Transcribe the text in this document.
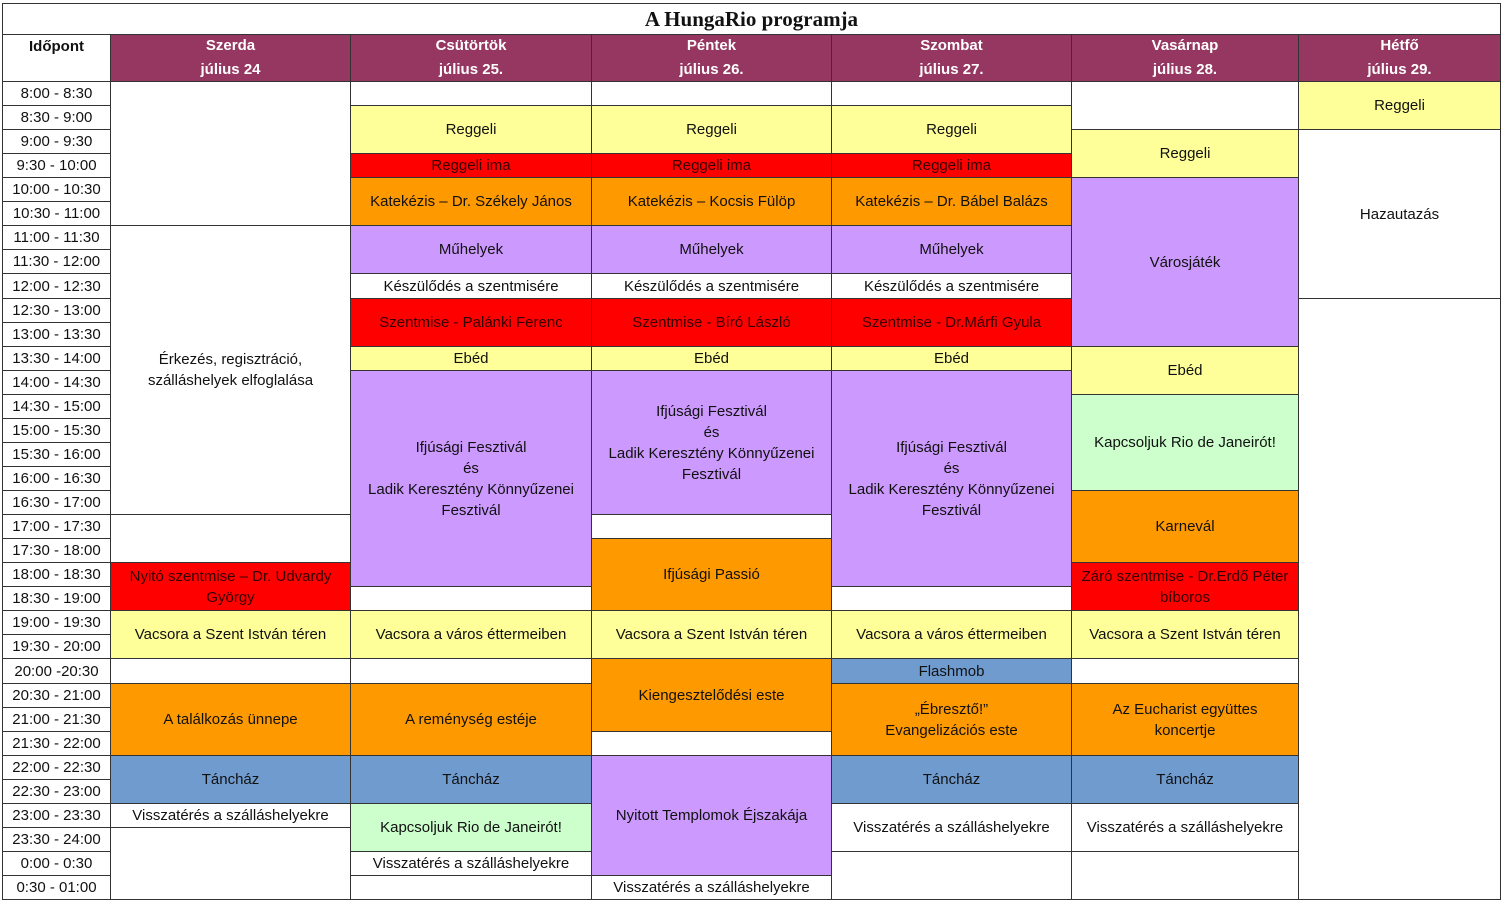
A HungaRio programja
Időpont	Szerda
július 24
Csütörtök
július 25.
Péntek
július 26.
Szombat
július 27.
Vasárnap
július 28.
Hétfő
július 29.
8:00 - 8:30
8:30 - 9:00
9:00 - 9:30
9:30 - 10:00
10:00 - 10:30
10:30 - 11:00
11:00 - 11:30
11:30 - 12:00
12:00 - 12:30
12:30 - 13:00
13:00 - 13:30
13:30 - 14:00
14:00 - 14:30
14:30 - 15:00
15:00 - 15:30
15:30 - 16:00
16:00 - 16:30
16:30 - 17:00
17:00 - 17:30
17:30 - 18:00
18:00 - 18:30
18:30 - 19:00
19:00 - 19:30
19:30 - 20:00
20:00 -20:30
20:30 - 21:00
21:00 - 21:30
21:30 - 22:00
22:00 - 22:30
22:30 - 23:00
23:00 - 23:30
23:30 - 24:00
0:00 - 0:30
0:30 - 01:00
Érkezés, regisztráció,
szálláshelyek elfoglalása
Nyitó szentmise – Dr. Udvardy
György
Vacsora a Szent István téren
A találkozás ünnepe
Táncház
Visszatérés a szálláshelyekre
Reggeli
Reggeli ima
Katekézis – Dr. Székely János
Műhelyek
Készülődés a szentmisére
Szentmise - Palánki Ferenc
Ebéd
Ifjúsági Fesztivál
és
Ladik Keresztény Könnyűzenei
Fesztivál
Vacsora a város éttermeiben
A reménység estéje
Táncház
Kapcsoljuk Rio de Janeirót!
Visszatérés a szálláshelyekre
Reggeli
Reggeli ima
Katekézis – Kocsis Fülöp
Műhelyek
Készülődés a szentmisére
Szentmise - Bíró László
Ebéd
Ifjúsági Fesztivál
és
Ladik Keresztény Könnyűzenei
Fesztivál
Ifjúsági Passió
Vacsora a Szent István téren
Kiengesztelődési este
Nyitott Templomok Éjszakája
Visszatérés a szálláshelyekre
Reggeli
Reggeli ima
Katekézis – Dr. Bábel Balázs
Műhelyek
Készülődés a szentmisére
Szentmise - Dr.Márfi Gyula
Ebéd
Ifjúsági Fesztivál
és
Ladik Keresztény Könnyűzenei
Fesztivál
Vacsora a város éttermeiben
Flashmob
„Ébresztő!”
Evangelizációs este
Táncház
Visszatérés a szálláshelyekre
Reggeli
Városjáték
Ebéd
Kapcsoljuk Rio de Janeirót!
Karnevál
Záró szentmise - Dr.Erdő Péter
bíboros
Vacsora a Szent István téren
Az Eucharist együttes
koncertje
Táncház
Visszatérés a szálláshelyekre
Reggeli
Hazautazás
